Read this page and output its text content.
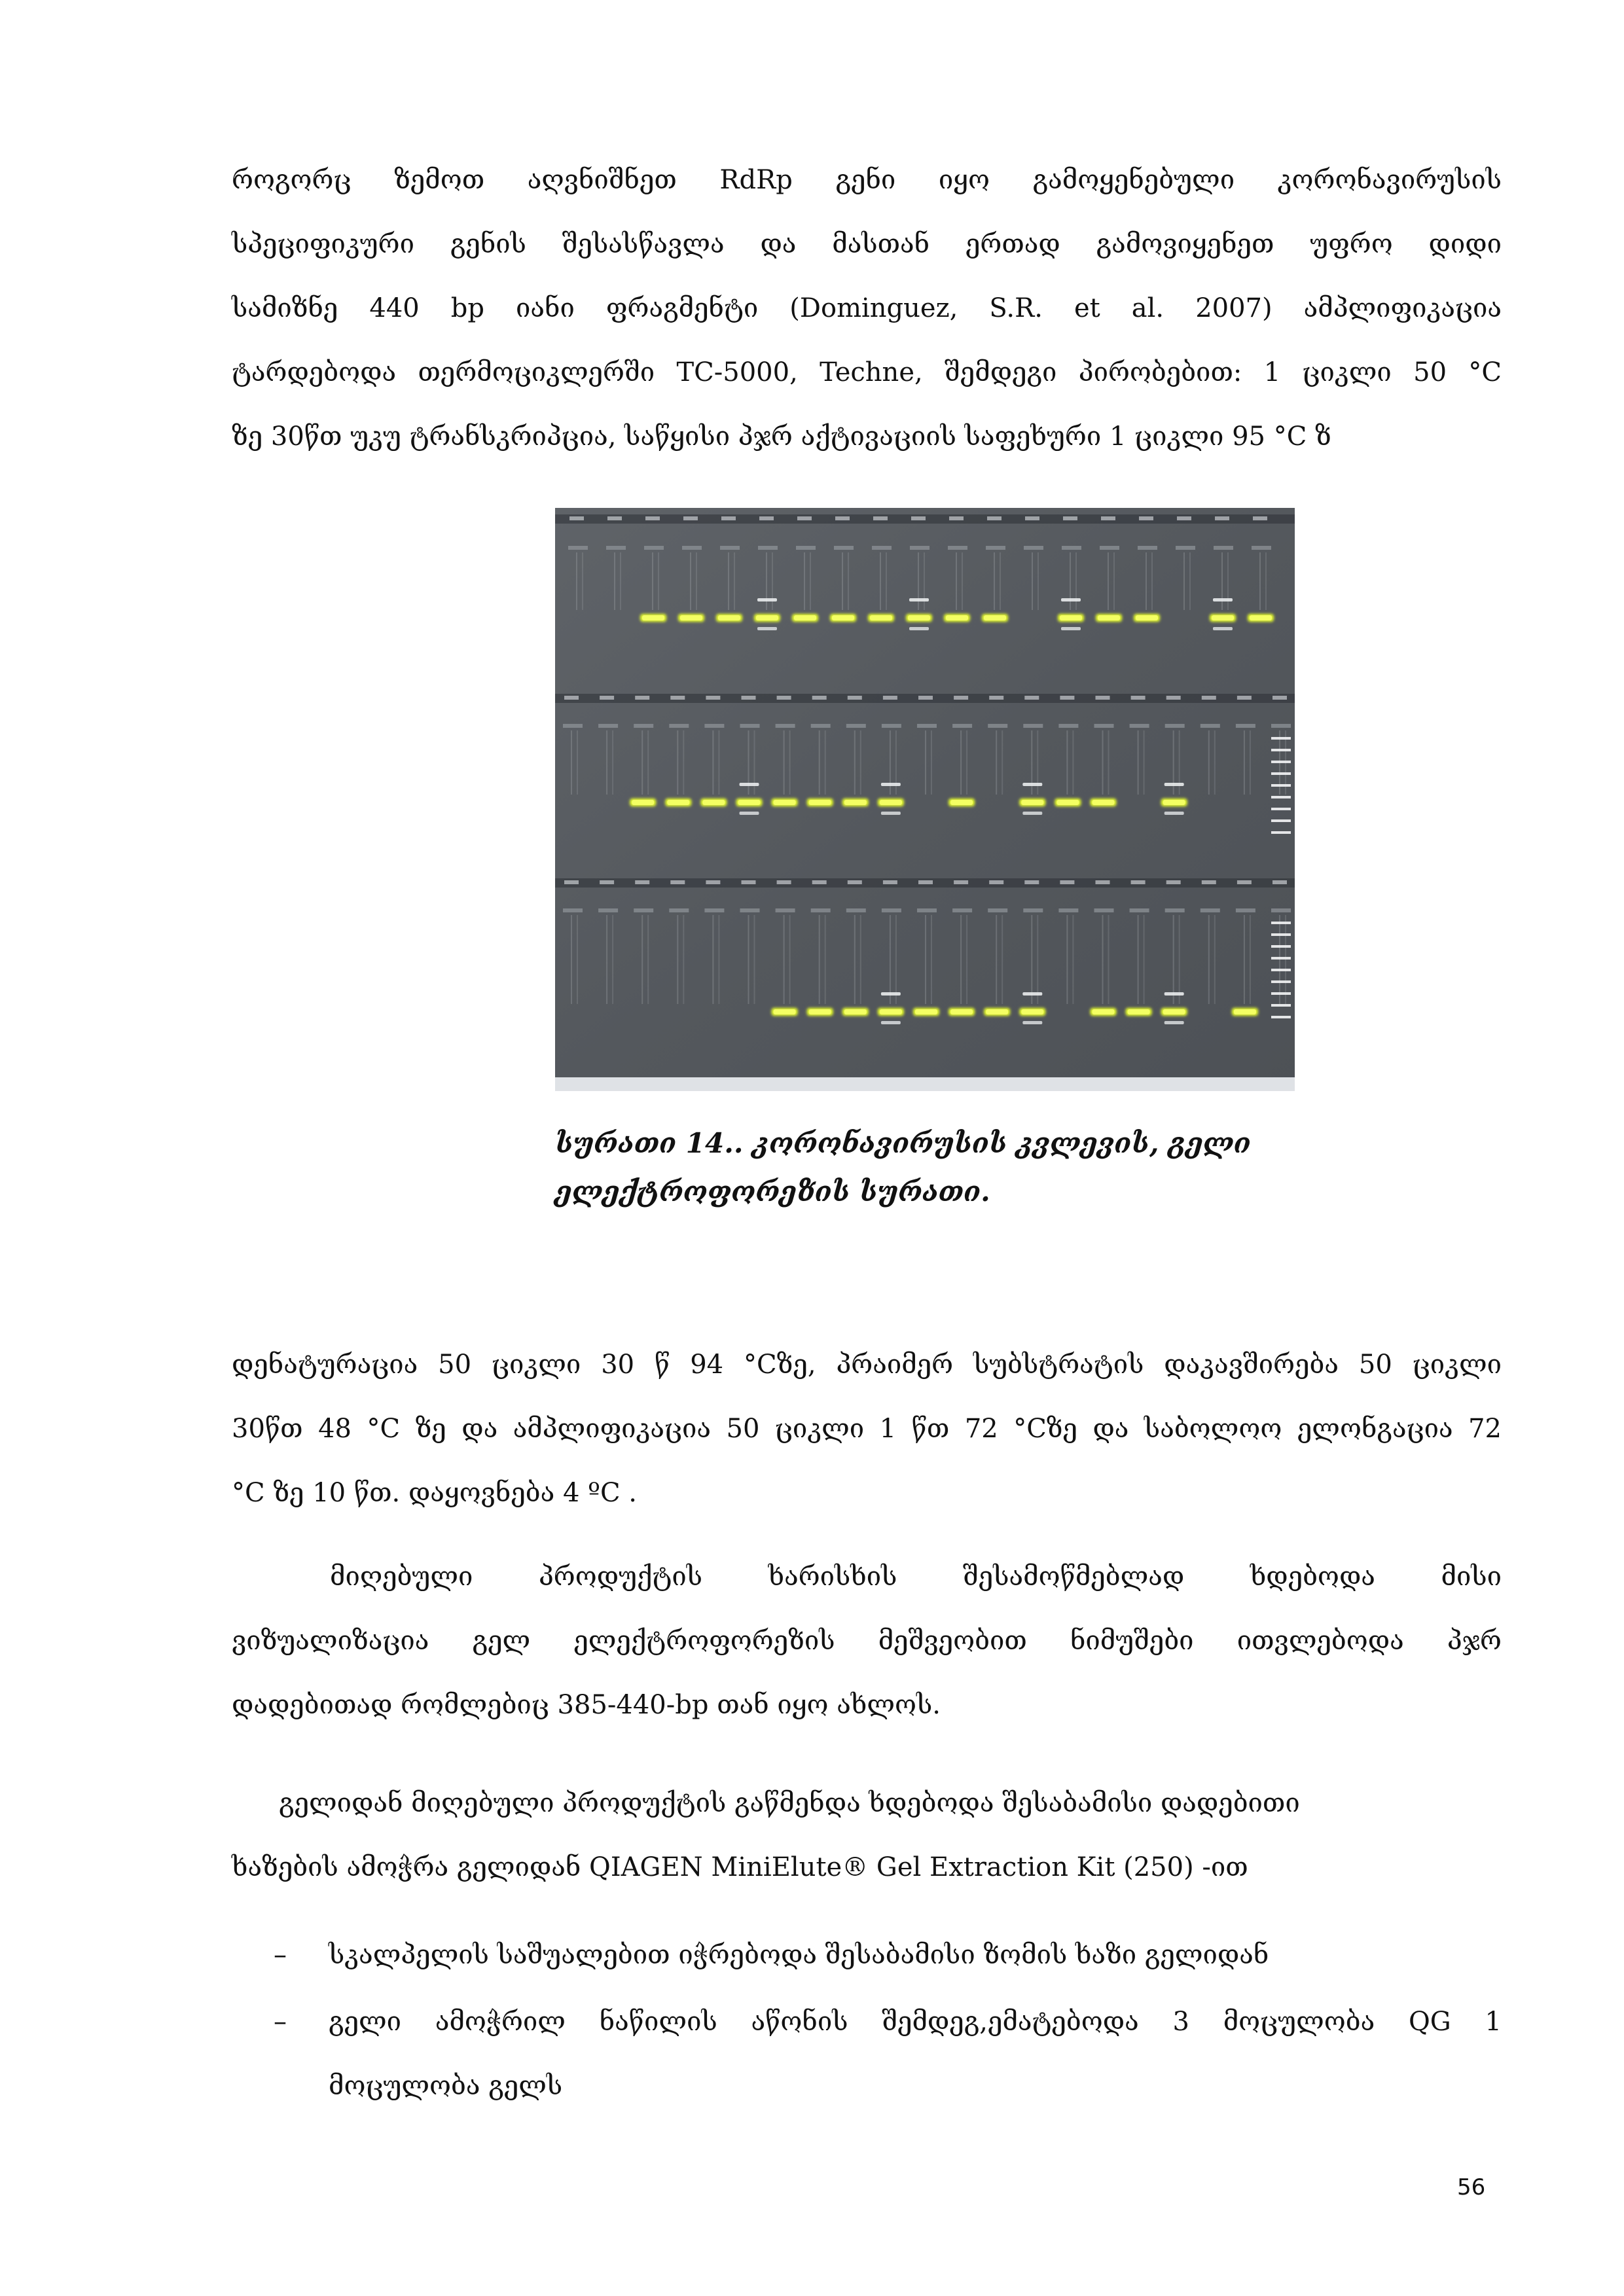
როგორც ზემოთ აღვნიშნეთ RdRp გენი იყო გამოყენებული კორონავირუსის
სპეციფიკური გენის შესასწავლა და მასთან ერთად გამოვიყენეთ უფრო დიდი
სამიზნე 440 bp იანი ფრაგმენტი (Dominguez, S.R. et al. 2007) ამპლიფიკაცია
ტარდებოდა თერმოციკლერში TC-5000, Techne, შემდეგი პირობებით: 1 ციკლი 50 °C
ზე 30წთ უკუ ტრანსკრიპცია, საწყისი პჯრ აქტივაციის საფეხური 1 ციკლი 95 °C ზ
სურათი 14.. კორონავირუსის კვლევის, გელი
ელექტროფორეზის სურათი.
დენატურაცია 50 ციკლი 30 წ 94 °Cზე, პრაიმერ სუბსტრატის დაკავშირება 50 ციკლი
30წთ 48 °C ზე და ამპლიფიკაცია 50 ციკლი 1 წთ 72 °Cზე და საბოლოო ელონგაცია 72
°C ზე 10 წთ. დაყოვნება 4 ºC .
მიღებული პროდუქტის ხარისხის შესამოწმებლად ხდებოდა მისი
ვიზუალიზაცია გელ ელექტროფორეზის მეშვეობით ნიმუშები ითვლებოდა პჯრ
დადებითად რომლებიც 385-440-bp თან იყო ახლოს.
გელიდან მიღებული პროდუქტის გაწმენდა ხდებოდა შესაბამისი დადებითი
ხაზების ამოჭრა გელიდან QIAGEN MiniElute® Gel Extraction Kit (250) -ით
–	სკალპელის საშუალებით იჭრებოდა შესაბამისი ზომის ხაზი გელიდან
–	გელი ამოჭრილ ნაწილის აწონის შემდეგ,ემატებოდა 3 მოცულობა QG 1
მოცულობა გელს
56
